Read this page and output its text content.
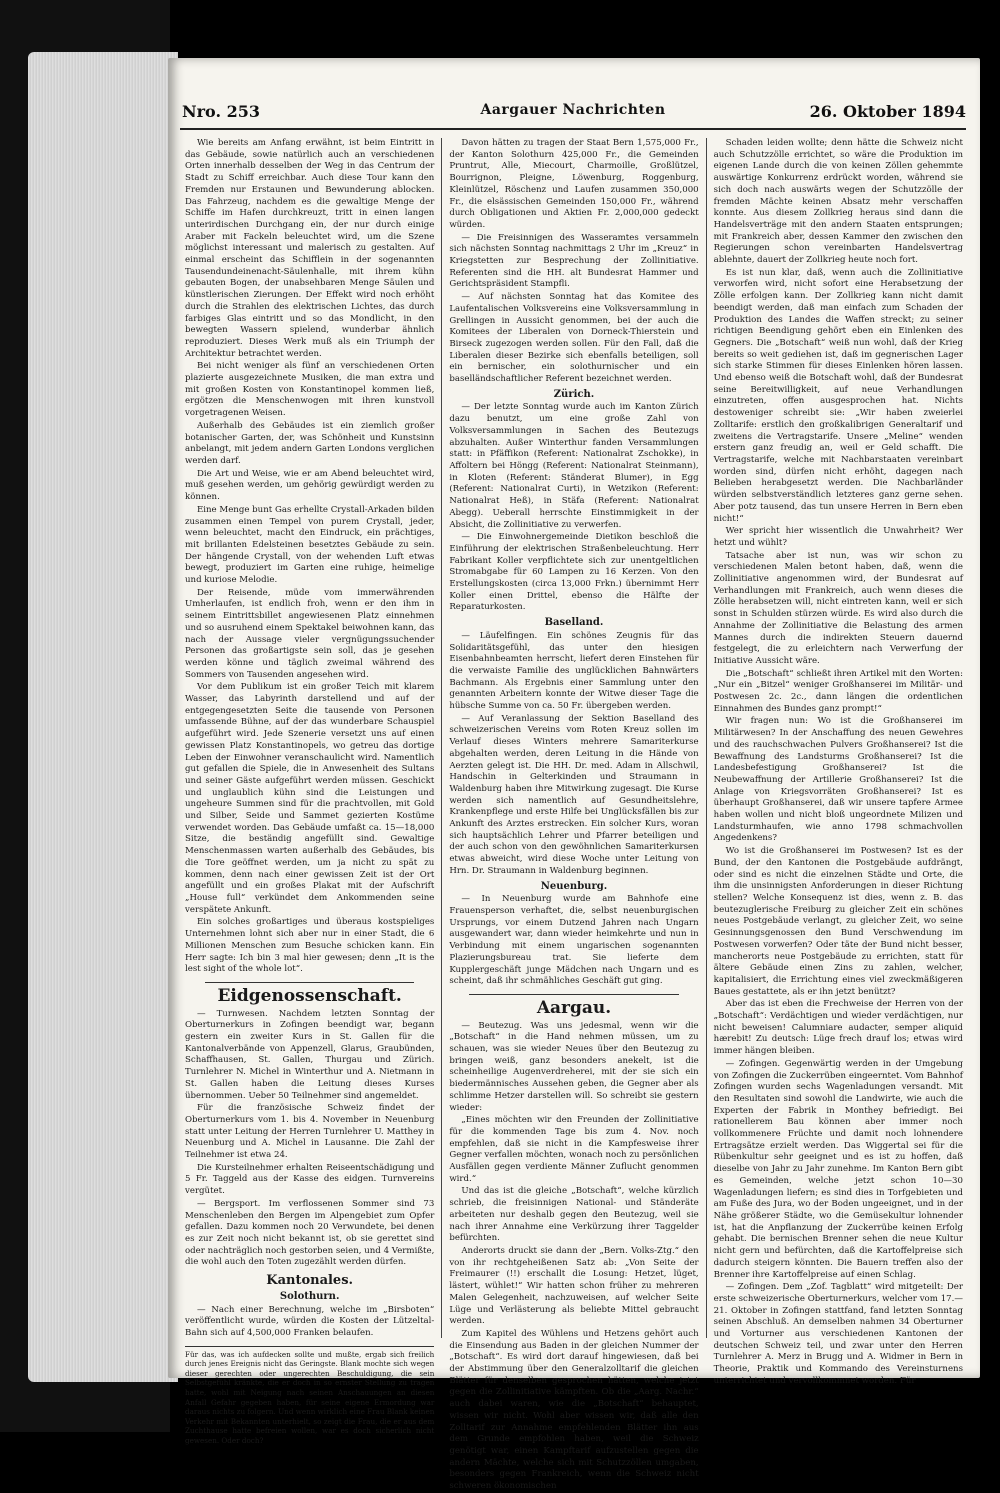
Nro. 253	Aargauer Nachrichten	26. Oktober 1894

Wie bereits am Anfang erwähnt, ist beim Eintritt in das Gebäude, sowie natürlich auch an verschiedenen Orten innerhalb desselben der Weg in das Centrum der Stadt zu Schiff erreichbar. Auch diese Tour kann den Fremden nur Erstaunen und Bewunderung ablocken. Das Fahrzeug, nachdem es die gewaltige Menge der Schiffe im Hafen durchkreuzt, tritt in einen langen unterirdischen Durchgang ein, der nur durch einige Araber mit Fackeln beleuchtet wird, um die Szene möglichst interessant und malerisch zu gestalten. Auf einmal erscheint das Schifflein in der sogenannten Tausendundeinenacht-Säulenhalle, mit ihrem kühn gebauten Bogen, der unabsehbaren Menge Säulen und künstlerischen Zierungen. Der Effekt wird noch erhöht durch die Strahlen des elektrischen Lichtes, das durch farbiges Glas eintritt und so das Mondlicht, in den bewegten Wassern spielend, wunderbar ähnlich reproduziert. Dieses Werk muß als ein Triumph der Architektur betrachtet werden.

Bei nicht weniger als fünf an verschiedenen Orten plazierte ausgezeichnete Musiken, die man extra und mit großen Kosten von Konstantinopel kommen ließ, ergötzen die Menschenwogen mit ihren kunstvoll vorgetragenen Weisen.

Außerhalb des Gebäudes ist ein ziemlich großer botanischer Garten, der, was Schönheit und Kunstsinn anbelangt, mit jedem andern Garten Londons verglichen werden darf.

Die Art und Weise, wie er am Abend beleuchtet wird, muß gesehen werden, um gehörig gewürdigt werden zu können.

Eine Menge bunt Gas erhellte Crystall-Arkaden bilden zusammen einen Tempel von purem Crystall, jeder, wenn beleuchtet, macht den Eindruck, ein prächtiges, mit brillanten Edelsteinen besetztes Gebäude zu sein. Der hängende Crystall, von der wehenden Luft etwas bewegt, produziert im Garten eine ruhige, heimelige und kuriose Melodie.

Der Reisende, müde vom immerwährenden Umherlaufen, ist endlich froh, wenn er den ihm in seinem Eintrittsbillet angewiesenen Platz einnehmen und so ausruhend einem Spektakel beiwohnen kann, das nach der Aussage vieler vergnügungssuchender Personen das großartigste sein soll, das je gesehen werden könne und täglich zweimal während des Sommers von Tausenden angesehen wird.

Vor dem Publikum ist ein großer Teich mit klarem Wasser, das Labyrinth darstellend und auf der entgegengesetzten Seite die tausende von Personen umfassende Bühne, auf der das wunderbare Schauspiel aufgeführt wird. Jede Szenerie versetzt uns auf einen gewissen Platz Konstantinopels, wo getreu das dortige Leben der Einwohner veranschaulicht wird. Namentlich gut gefallen die Spiele, die in Anwesenheit des Sultans und seiner Gäste aufgeführt werden müssen. Geschickt und unglaublich kühn sind die Leistungen und ungeheure Summen sind für die prachtvollen, mit Gold und Silber, Seide und Sammet gezierten Kostüme verwendet worden. Das Gebäude umfaßt ca. 15—18,000 Sitze, die beständig angefüllt sind. Gewaltige Menschenmassen warten außerhalb des Gebäudes, bis die Tore geöffnet werden, um ja nicht zu spät zu kommen, denn nach einer gewissen Zeit ist der Ort angefüllt und ein großes Plakat mit der Aufschrift „House full“ verkündet dem Ankommenden seine verspätete Ankunft.

Ein solches großartiges und überaus kostspieliges Unternehmen lohnt sich aber nur in einer Stadt, die 6 Millionen Menschen zum Besuche schicken kann. Ein Herr sagte: Ich bin 3 mal hier gewesen; denn „It is the lest sight of the whole lot“.

Eidgenossenschaft.

— Turnwesen. Nachdem letzten Sonntag der Oberturnerkurs in Zofingen beendigt war, begann gestern ein zweiter Kurs in St. Gallen für die Kantonalverbände von Appenzell, Glarus, Graubünden, Schaffhausen, St. Gallen, Thurgau und Zürich. Turnlehrer N. Michel in Winterthur und A. Nietmann in St. Gallen haben die Leitung dieses Kurses übernommen. Ueber 50 Teilnehmer sind angemeldet.

Für die französische Schweiz findet der Oberturnerkurs vom 1. bis 4. November in Neuenburg statt unter Leitung der Herren Turnlehrer U. Matthey in Neuenburg und A. Michel in Lausanne. Die Zahl der Teilnehmer ist etwa 24.

Die Kursteilnehmer erhalten Reiseentschädigung und 5 Fr. Taggeld aus der Kasse des eidgen. Turnvereins vergütet.

— Bergsport. Im verflossenen Sommer sind 73 Menschenleben den Bergen im Alpengebiet zum Opfer gefallen. Dazu kommen noch 20 Verwundete, bei denen es zur Zeit noch nicht bekannt ist, ob sie gerettet sind oder nachträglich noch gestorben seien, und 4 Vermißte, die wohl auch den Toten zugezählt werden dürfen.

Kantonales.
Solothurn.

— Nach einer Berechnung, welche im „Birsboten“ veröffentlicht wurde, würden die Kosten der Lützeltal-Bahn sich auf 4,500,000 Franken belaufen.

Für das, was ich aufdecken sollte und mußte, ergab sich freilich durch jenes Ereignis nicht das Geringste. Blank mochte sich wegen dieser gerechten oder ungerechten Beschuldigung, die sein Selbstgefühl kränkte, die er doch in so ernster Stellung zu tragen hatte, wohl mit Neigung nach seinen Anschauungen an diesen Anfall Gefahr gegeben haben, für seine eigene Ermordung war daraus nichts zu folgern. Und wenn wirklich eine Frau Blank keinen Verkehr mit Bekannten unterhielt, so zeigt die Frau, die er aus dem Zuchthause hatte befreien wollen, war es doch sicherlich nicht gewesen. Oder doch?

Davon hätten zu tragen der Staat Bern 1,575,000 Fr., der Kanton Solothurn 425,000 Fr., die Gemeinden Pruntrut, Alle, Miecourt, Charmoille, Großlützel, Bourrignon, Pleigne, Löwenburg, Roggenburg, Kleinlützel, Röschenz und Laufen zusammen 350,000 Fr., die elsässischen Gemeinden 150,000 Fr., während durch Obligationen und Aktien Fr. 2,000,000 gedeckt würden.

— Die Freisinnigen des Wasseramtes versammeln sich nächsten Sonntag nachmittags 2 Uhr im „Kreuz“ in Kriegstetten zur Besprechung der Zollinitiative. Referenten sind die HH. alt Bundesrat Hammer und Gerichtspräsident Stampfli.

— Auf nächsten Sonntag hat das Komitee des Laufentalischen Volksvereins eine Volksversammlung in Grellingen in Aussicht genommen, bei der auch die Komitees der Liberalen von Dorneck-Thierstein und Birseck zugezogen werden sollen. Für den Fall, daß die Liberalen dieser Bezirke sich ebenfalls beteiligen, soll ein bernischer, ein solothurnischer und ein baselländschaftlicher Referent bezeichnet werden.

Zürich.

— Der letzte Sonntag wurde auch im Kanton Zürich dazu benutzt, um eine große Zahl von Volksversammlungen in Sachen des Beutezugs abzuhalten. Außer Winterthur fanden Versammlungen statt: in Pfäffikon (Referent: Nationalrat Zschokke), in Affoltern bei Höngg (Referent: Nationalrat Steinmann), in Kloten (Referent: Ständerat Blumer), in Egg (Referent: Nationalrat Curti), in Wetzikon (Referent: Nationalrat Heß), in Stäfa (Referent: Nationalrat Abegg). Ueberall herrschte Einstimmigkeit in der Absicht, die Zollinitiative zu verwerfen.

— Die Einwohnergemeinde Dietikon beschloß die Einführung der elektrischen Straßenbeleuchtung. Herr Fabrikant Koller verpflichtete sich zur unentgeltlichen Stromabgabe für 60 Lampen zu 16 Kerzen. Von den Erstellungskosten (circa 13,000 Frkn.) übernimmt Herr Koller einen Drittel, ebenso die Hälfte der Reparaturkosten.

Baselland.

— Läufelfingen. Ein schönes Zeugnis für das Solidaritätsgefühl, das unter den hiesigen Eisenbahnbeamten herrscht, liefert deren Einstehen für die verwaiste Familie des unglücklichen Bahnwärters Bachmann. Als Ergebnis einer Sammlung unter den genannten Arbeitern konnte der Witwe dieser Tage die hübsche Summe von ca. 50 Fr. übergeben werden.

— Auf Veranlassung der Sektion Baselland des schweizerischen Vereins vom Roten Kreuz sollen im Verlauf dieses Winters mehrere Samariterkurse abgehalten werden, deren Leitung in die Hände von Aerzten gelegt ist. Die HH. Dr. med. Adam in Allschwil, Handschin in Gelterkinden und Straumann in Waldenburg haben ihre Mitwirkung zugesagt. Die Kurse werden sich namentlich auf Gesundheitslehre, Krankenpflege und erste Hilfe bei Unglücksfällen bis zur Ankunft des Arztes erstrecken. Ein solcher Kurs, woran sich hauptsächlich Lehrer und Pfarrer beteiligen und der auch schon von den gewöhnlichen Samariterkursen etwas abweicht, wird diese Woche unter Leitung von Hrn. Dr. Straumann in Waldenburg beginnen.

Neuenburg.

— In Neuenburg wurde am Bahnhofe eine Frauensperson verhaftet, die, selbst neuenburgischen Ursprungs, vor einem Dutzend Jahren nach Ungarn ausgewandert war, dann wieder heimkehrte und nun in Verbindung mit einem ungarischen sogenannten Plazierungsbureau trat. Sie lieferte dem Kupplergeschäft junge Mädchen nach Ungarn und es scheint, daß ihr schmähliches Geschäft gut ging.

Aargau.

— Beutezug. Was uns jedesmal, wenn wir die „Botschaft“ in die Hand nehmen müssen, um zu schauen, was sie wieder Neues über den Beutezug zu bringen weiß, ganz besonders anekelt, ist die scheinheilige Augenverdreherei, mit der sie sich ein biedermännisches Aussehen geben, die Gegner aber als schlimme Hetzer darstellen will. So schreibt sie gestern wieder:

„Eines möchten wir den Freunden der Zollinitiative für die kommenden Tage bis zum 4. Nov. noch empfehlen, daß sie nicht in die Kampfesweise ihrer Gegner verfallen möchten, wonach noch zu persönlichen Ausfällen gegen verdiente Männer Zuflucht genommen wird.“

Und das ist die gleiche „Botschaft“, welche kürzlich schrieb, die freisinnigen National- und Ständeräte arbeiteten nur deshalb gegen den Beutezug, weil sie nach ihrer Annahme eine Verkürzung ihrer Taggelder befürchten.

Anderorts druckt sie dann der „Bern. Volks-Ztg.“ den von ihr rechtgeheißenen Satz ab: „Von Seite der Freimaurer (!!) erschallt die Losung: Hetzet, lüget, lästert, wühlet!“ Wir hatten schon früher zu mehreren Malen Gelegenheit, nachzuweisen, auf welcher Seite Lüge und Verlästerung als beliebte Mittel gebraucht werden.

Zum Kapitel des Wühlens und Hetzens gehört auch die Einsendung aus Baden in der gleichen Nummer der „Botschaft“. Es wird dort darauf hingewiesen, daß bei der Abstimmung über den Generalzolltarif die gleichen Blätter für denselben gesprochen hätten, welche jetzt gegen die Zollinitiative kämpften. Ob die „Aarg. Nachr.“ auch dabei waren, wie die „Botschaft“ behauptet, wissen wir nicht. Wohl aber wissen wir, daß alle den Zolltarif zur Annahme empfehlenden Blätter ihn aus dem Grunde empfohlen haben, weil die Schweiz genötigt war, einen Kampftarif aufzustellen gegen die andern Mächte, welche sich mit Schutzzöllen umgaben, besonders gegen Frankreich, wenn die Schweiz nicht schweren ökonomischen

Schaden leiden wollte; denn hätte die Schweiz nicht auch Schutzzölle errichtet, so wäre die Produktion im eigenen Lande durch die von keinen Zöllen gehemmte auswärtige Konkurrenz erdrückt worden, während sie sich doch nach auswärts wegen der Schutzzölle der fremden Mächte keinen Absatz mehr verschaffen konnte. Aus diesem Zollkrieg heraus sind dann die Handelsverträge mit den andern Staaten entsprungen; mit Frankreich aber, dessen Kammer den zwischen den Regierungen schon vereinbarten Handelsvertrag ablehnte, dauert der Zollkrieg heute noch fort.

Es ist nun klar, daß, wenn auch die Zollinitiative verworfen wird, nicht sofort eine Herabsetzung der Zölle erfolgen kann. Der Zollkrieg kann nicht damit beendigt werden, daß man einfach zum Schaden der Produktion des Landes die Waffen streckt; zu seiner richtigen Beendigung gehört eben ein Einlenken des Gegners. Die „Botschaft“ weiß nun wohl, daß der Krieg bereits so weit gediehen ist, daß im gegnerischen Lager sich starke Stimmen für dieses Einlenken hören lassen. Und ebenso weiß die Botschaft wohl, daß der Bundesrat seine Bereitwilligkeit, auf neue Verhandlungen einzutreten, offen ausgesprochen hat. Nichts destoweniger schreibt sie: „Wir haben zweierlei Zolltarife: erstlich den großkalibrigen Generaltarif und zweitens die Vertragstarife. Unsere „Meline“ wenden erstern ganz freudig an, weil er Geld schafft. Die Vertragstarife, welche mit Nachbarstaaten vereinbart worden sind, dürfen nicht erhöht, dagegen nach Belieben herabgesetzt werden. Die Nachbarländer würden selbstverständlich letzteres ganz gerne sehen. Aber potz tausend, das tun unsere Herren in Bern eben nicht!“

Wer spricht hier wissentlich die Unwahrheit? Wer hetzt und wühlt?

Tatsache aber ist nun, was wir schon zu verschiedenen Malen betont haben, daß, wenn die Zollinitiative angenommen wird, der Bundesrat auf Verhandlungen mit Frankreich, auch wenn dieses die Zölle herabsetzen will, nicht eintreten kann, weil er sich sonst in Schulden stürzen würde. Es wird also durch die Annahme der Zollinitiative die Belastung des armen Mannes durch die indirekten Steuern dauernd festgelegt, die zu erleichtern nach Verwerfung der Initiative Aussicht wäre.

Die „Botschaft“ schließt ihren Artikel mit den Worten: „Nur ein „Bitzel“ weniger Großhanserei im Militär- und Postwesen 2c. 2c., dann längen die ordentlichen Einnahmen des Bundes ganz prompt!“

Wir fragen nun: Wo ist die Großhanserei im Militärwesen? In der Anschaffung des neuen Gewehres und des rauchschwachen Pulvers Großhanserei? Ist die Bewaffnung des Landsturms Großhanserei? Ist die Landesbefestigung Großhanserei? Ist die Neubewaffnung der Artillerie Großhanserei? Ist die Anlage von Kriegsvorräten Großhanserei? Ist es überhaupt Großhanserei, daß wir unsere tapfere Armee haben wollen und nicht bloß ungeordnete Milizen und Landsturmhaufen, wie anno 1798 schmachvollen Angedenkens?

Wo ist die Großhanserei im Postwesen? Ist es der Bund, der den Kantonen die Postgebäude aufdrängt, oder sind es nicht die einzelnen Städte und Orte, die ihm die unsinnigsten Anforderungen in dieser Richtung stellen? Welche Konsequenz ist dies, wenn z. B. das beutezuglerische Freiburg zu gleicher Zeit ein schönes neues Postgebäude verlangt, zu gleicher Zeit, wo seine Gesinnungsgenossen den Bund Verschwendung im Postwesen vorwerfen? Oder täte der Bund nicht besser, mancherorts neue Postgebäude zu errichten, statt für ältere Gebäude einen Zins zu zahlen, welcher, kapitalisiert, die Errichtung eines viel zweckmäßigeren Baues gestattete, als er ihn jetzt benützt?

Aber das ist eben die Frechweise der Herren von der „Botschaft“: Verdächtigen und wieder verdächtigen, nur nicht beweisen! Calumniare audacter, semper aliquid hærebit! Zu deutsch: Lüge frech drauf los; etwas wird immer hängen bleiben.

— Zofingen. Gegenwärtig werden in der Umgebung von Zofingen die Zuckerrüben eingeerntet. Vom Bahnhof Zofingen wurden sechs Wagenladungen versandt. Mit den Resultaten sind sowohl die Landwirte, wie auch die Experten der Fabrik in Monthey befriedigt. Bei rationellerem Bau können aber immer noch vollkommenere Früchte und damit noch lohnendere Ertragsätze erzielt werden. Das Wiggertal sei für die Rübenkultur sehr geeignet und es ist zu hoffen, daß dieselbe von Jahr zu Jahr zunehme. Im Kanton Bern gibt es Gemeinden, welche jetzt schon 10—30 Wagenladungen liefern; es sind dies in Torfgebieten und am Fuße des Jura, wo der Boden ungeeignet, und in der Nähe größerer Städte, wo die Gemüsekultur lohnender ist, hat die Anpflanzung der Zuckerrübe keinen Erfolg gehabt. Die bernischen Brenner sehen die neue Kultur nicht gern und befürchten, daß die Kartoffelpreise sich dadurch steigern könnten. Die Bauern treffen also der Brenner ihre Kartoffelpreise auf einen Schlag.

— Zofingen. Dem „Zof. Tagblatt“ wird mitgeteilt: Der erste schweizerische Oberturnerkurs, welcher vom 17.—21. Oktober in Zofingen stattfand, fand letzten Sonntag seinen Abschluß. An demselben nahmen 34 Oberturner und Vorturner aus verschiedenen Kantonen der deutschen Schweiz teil, und zwar unter den Herren Turnlehrer A. Merz in Brugg und A. Widmer in Bern in Theorie, Praktik und Kommando des Vereinsturnens unterrichtet und vervollkommnet worden. Für
